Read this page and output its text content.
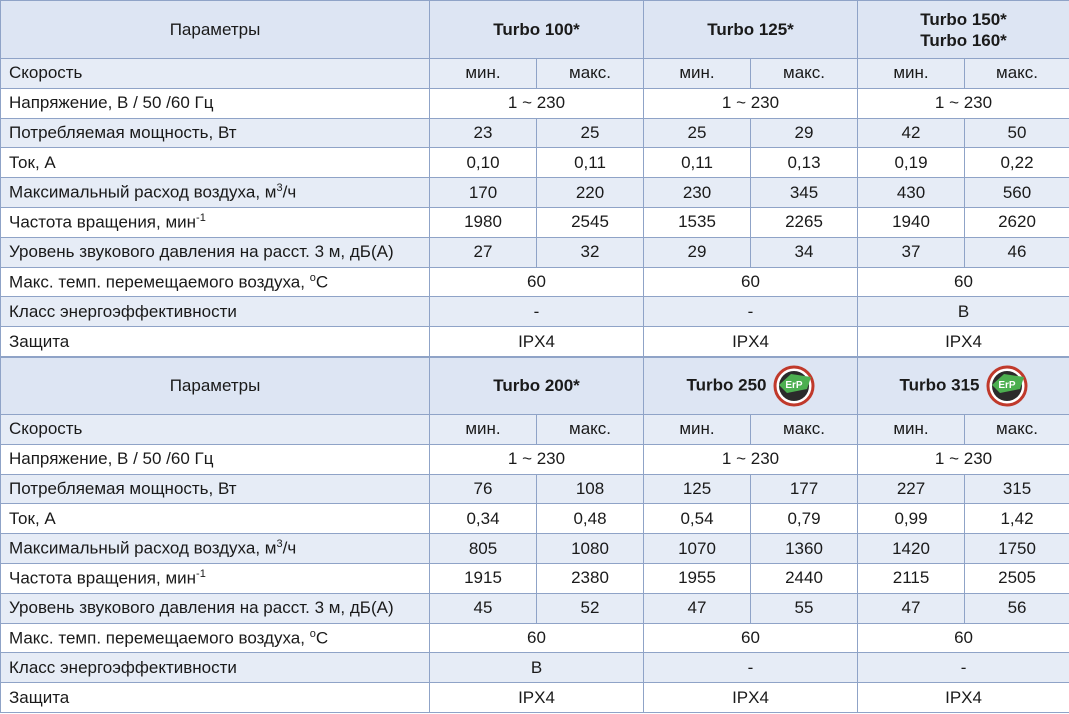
Параметры	Turbo 100*		Turbo 125*		Turbo 150*
Turbo 160*	

Скорость	мин.	макс.	мин.	макс.	мин.	макс.
Напряжение, В / 50 /60 Гц	1 ~ 230		1 ~ 230		1 ~ 230	
Потребляемая мощность, Вт	23	25	25	29	42	50
Ток, А	0,10	0,11	0,11	0,13	0,19	0,22
Максимальный расход воздуха, $м^3/ч$	170	220	230	345	430	560
Частота вращения, мин$^{-1}$	1980	2545	1535	2265	1940	2620
Уровень звукового давления на расст. 3 м, дБ(А)	27	32	29	34	37	46
Макс. темп. перемещаемого воздуха, $^о$С	60		60		60	
Класс энергоэффективности	-		-		B	
Защита	IPX4		IPX4		IPX4	
Параметры	Turbo 200*		Turbo 250 ErP		Turbo 315 ErP	

Скорость	мин.	макс.	мин.	макс.	мин.	макс.
Напряжение, В / 50 /60 Гц	1 ~ 230		1 ~ 230		1 ~ 230	
Потребляемая мощность, Вт	76	108	125	177	227	315
Ток, А	0,34	0,48	0,54	0,79	0,99	1,42
Максимальный расход воздуха, $м^3/ч$	805	1080	1070	1360	1420	1750
Частота вращения, мин$^{-1}$	1915	2380	1955	2440	2115	2505
Уровень звукового давления на расст. 3 м, дБ(А)	45	52	47	55	47	56
Макс. темп. перемещаемого воздуха, $^о$С	60		60		60	
Класс энергоэффективности	B		-		-	
Защита	IPX4		IPX4		IPX4	
